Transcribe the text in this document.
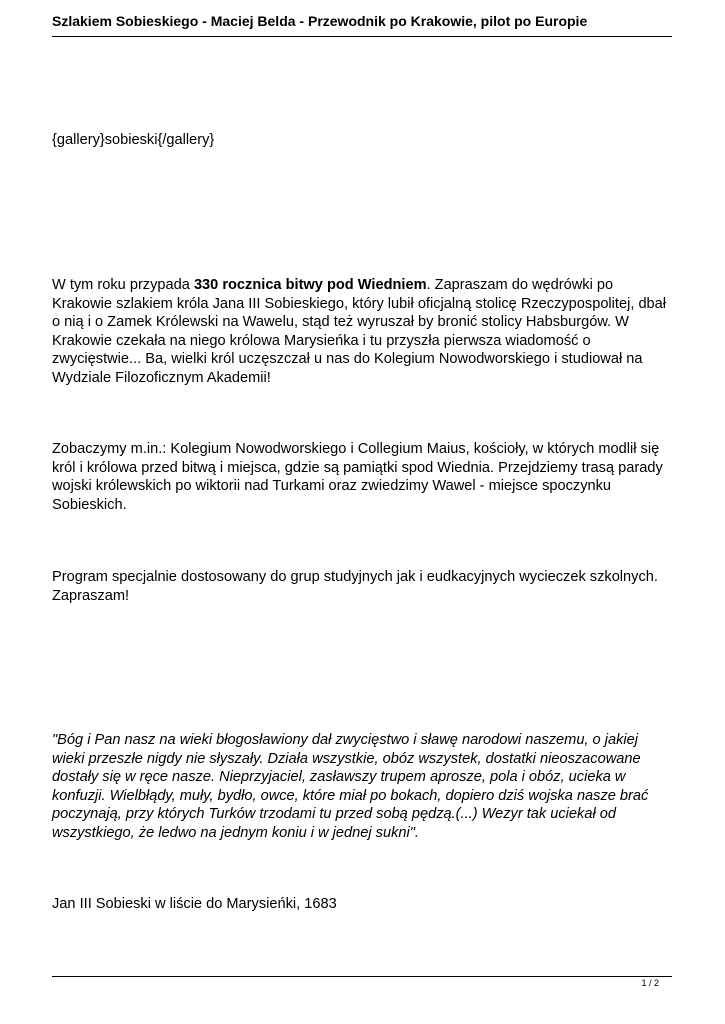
Szlakiem Sobieskiego - Maciej Belda - Przewodnik po Krakowie, pilot po Europie

{gallery}sobieski{/gallery}

W tym roku przypada 330 rocznica bitwy pod Wiedniem. Zapraszam do wędrówki po Krakowie szlakiem króla Jana III Sobieskiego, który lubił oficjalną stolicę Rzeczypospolitej, dbał o nią i o Zamek Królewski na Wawelu, stąd też wyruszał by bronić stolicy Habsburgów. W Krakowie czekała na niego królowa Marysieńka i tu przyszła pierwsza wiadomość o zwycięstwie... Ba, wielki król uczęszczał u nas do Kolegium Nowodworskiego i studiował na Wydziale Filozoficznym Akademii!

Zobaczymy m.in.: Kolegium Nowodworskiego i Collegium Maius, kościoły, w których modlił się król i królowa przed bitwą i miejsca, gdzie są pamiątki spod Wiednia. Przejdziemy trasą parady wojski królewskich po wiktorii nad Turkami oraz zwiedzimy Wawel - miejsce spoczynku Sobieskich.

Program specjalnie dostosowany do grup studyjnych jak i eudkacyjnych wycieczek szkolnych. Zapraszam!

"Bóg i Pan nasz na wieki błogosławiony dał zwycięstwo i sławę narodowi naszemu, o jakiej wieki przeszłe nigdy nie słyszały. Działa wszystkie, obóz wszystek, dostatki nieoszacowane dostały się w ręce nasze. Nieprzyjaciel, zasławszy trupem aprosze, pola i obóz, ucieka w konfuzji. Wielbłądy, muły, bydło, owce, które miał po bokach, dopiero dziś wojska nasze brać poczynają, przy których Turków trzodami tu przed sobą pędzą.(...) Wezyr tak uciekał od wszystkiego, że ledwo na jednym koniu i w jednej sukni".

Jan III Sobieski w liście do Marysieńki, 1683

1 / 2
